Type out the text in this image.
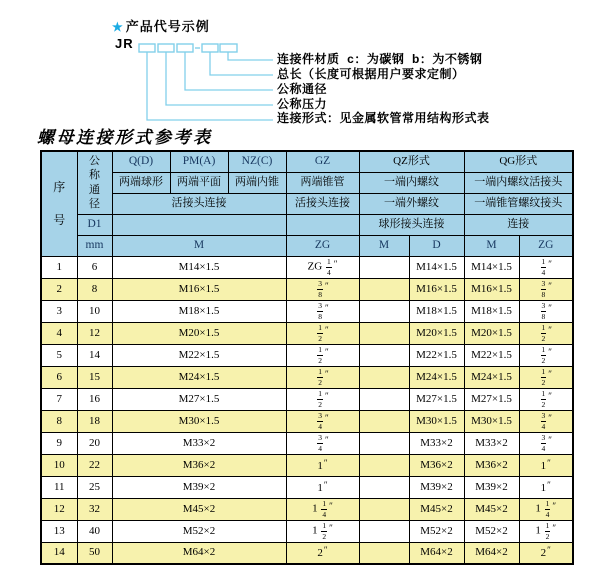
★ 产品代号示例
JR
连接件材质  c：为碳钢  b：为不锈钢
总长（长度可根据用户要求定制）
公称通径
公称压力
连接形式：见金属软管常用结构形式表
螺母连接形式参考表
序号	公称通径	Q(D)	PM(A)	NZ(C)	GZ	QZ形式		QG形式	
		两端球形	两端平面	两端内锥	两端锥管	一端内螺纹		一端内螺纹活接头	
		活接头连接			活接头连接	一端外螺纹		一端锥管螺纹接头	
	D1					球形接头连接		连接	
	mm	M			ZG	M	D	M	ZG
1	6	M14×1.5			ZG $\frac{1}{4} ''$		M14×1.5	M14×1.5	$\frac{1}{4} ''$
2	8	M16×1.5			$\frac{3}{8} ''$		M16×1.5	M16×1.5	$\frac{3}{8} ''$
3	10	M18×1.5			$\frac{3}{8} ''$		M18×1.5	M18×1.5	$\frac{3}{8} ''$
4	12	M20×1.5			$\frac{1}{2} ''$		M20×1.5	M20×1.5	$\frac{1}{2} ''$
5	14	M22×1.5			$\frac{1}{2} ''$		M22×1.5	M22×1.5	$\frac{1}{2} ''$
6	15	M24×1.5			$\frac{1}{2} ''$		M24×1.5	M24×1.5	$\frac{1}{2} ''$
7	16	M27×1.5			$\frac{1}{2} ''$		M27×1.5	M27×1.5	$\frac{1}{2} ''$
8	18	M30×1.5			$\frac{3}{4} ''$		M30×1.5	M30×1.5	$\frac{3}{4} ''$
9	20	M33×2			$\frac{3}{4} ''$		M33×2	M33×2	$\frac{3}{4} ''$
10	22	M36×2			1″		M36×2	M36×2	1″
11	25	M39×2			1″		M39×2	M39×2	1″
12	32	M45×2			$1 \frac{1}{4} ''$		M45×2	M45×2	$1 \frac{1}{4} ''$
13	40	M52×2			$1 \frac{1}{2} ''$		M52×2	M52×2	$1 \frac{1}{2} ''$
14	50	M64×2			2″		M64×2	M64×2	2″
